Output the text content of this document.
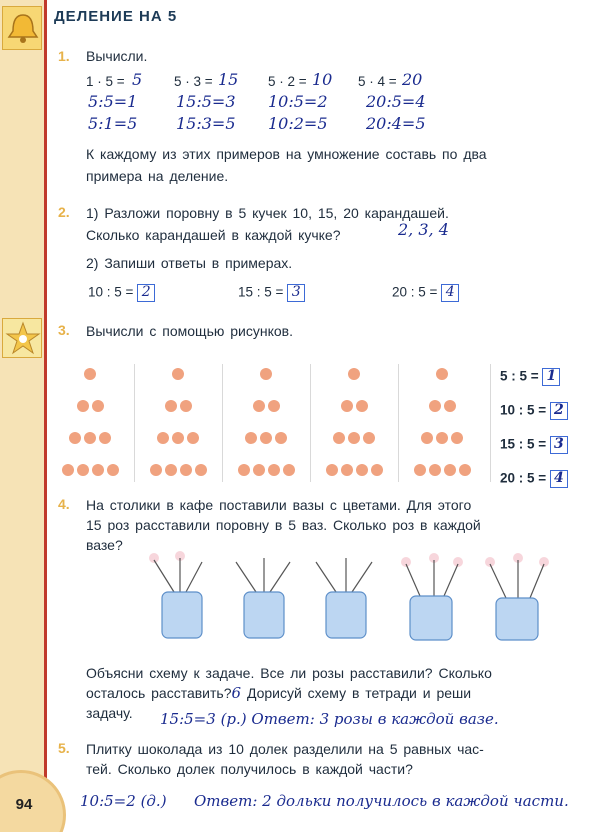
94
ДЕЛЕНИЕ НА 5
1. Вычисли.
1 · 5 = 5
5:5=1
5:1=5
5 · 3 = 15
15:5=3
15:3=5
5 · 2 = 10
10:5=2
10:2=5
5 · 4 = 20
20:5=4
20:4=5
К каждому из этих примеров на умножение составь по два
примера на деление.
2. 1) Разложи поровну в 5 кучек 10, 15, 20 карандашей.
Сколько карандашей в каждой кучке?	2, 3, 4
2) Запиши ответы в примерах.
10 : 5 = 2	15 : 5 = 3	20 : 5 = 4
3. Вычисли с помощью рисунков.
5 : 5 = 1
10 : 5 = 2
15 : 5 = 3
20 : 5 = 4
4. На столики в кафе поставили вазы с цветами. Для этого
15 роз расставили поровну в 5 ваз. Сколько роз в каждой
вазе?
Объясни схему к задаче. Все ли розы расставили? Сколько
осталось расставить?6 Дорисуй схему в тетради и реши
задачу. 15:5=3 (р.) Ответ: 3 розы в каждой вазе.
5. Плитку шоколада из 10 долек разделили на 5 равных час-
тей. Сколько долек получилось в каждой части?
10:5=2 (д.) Ответ: 2 дольки получилось в каждой части.
